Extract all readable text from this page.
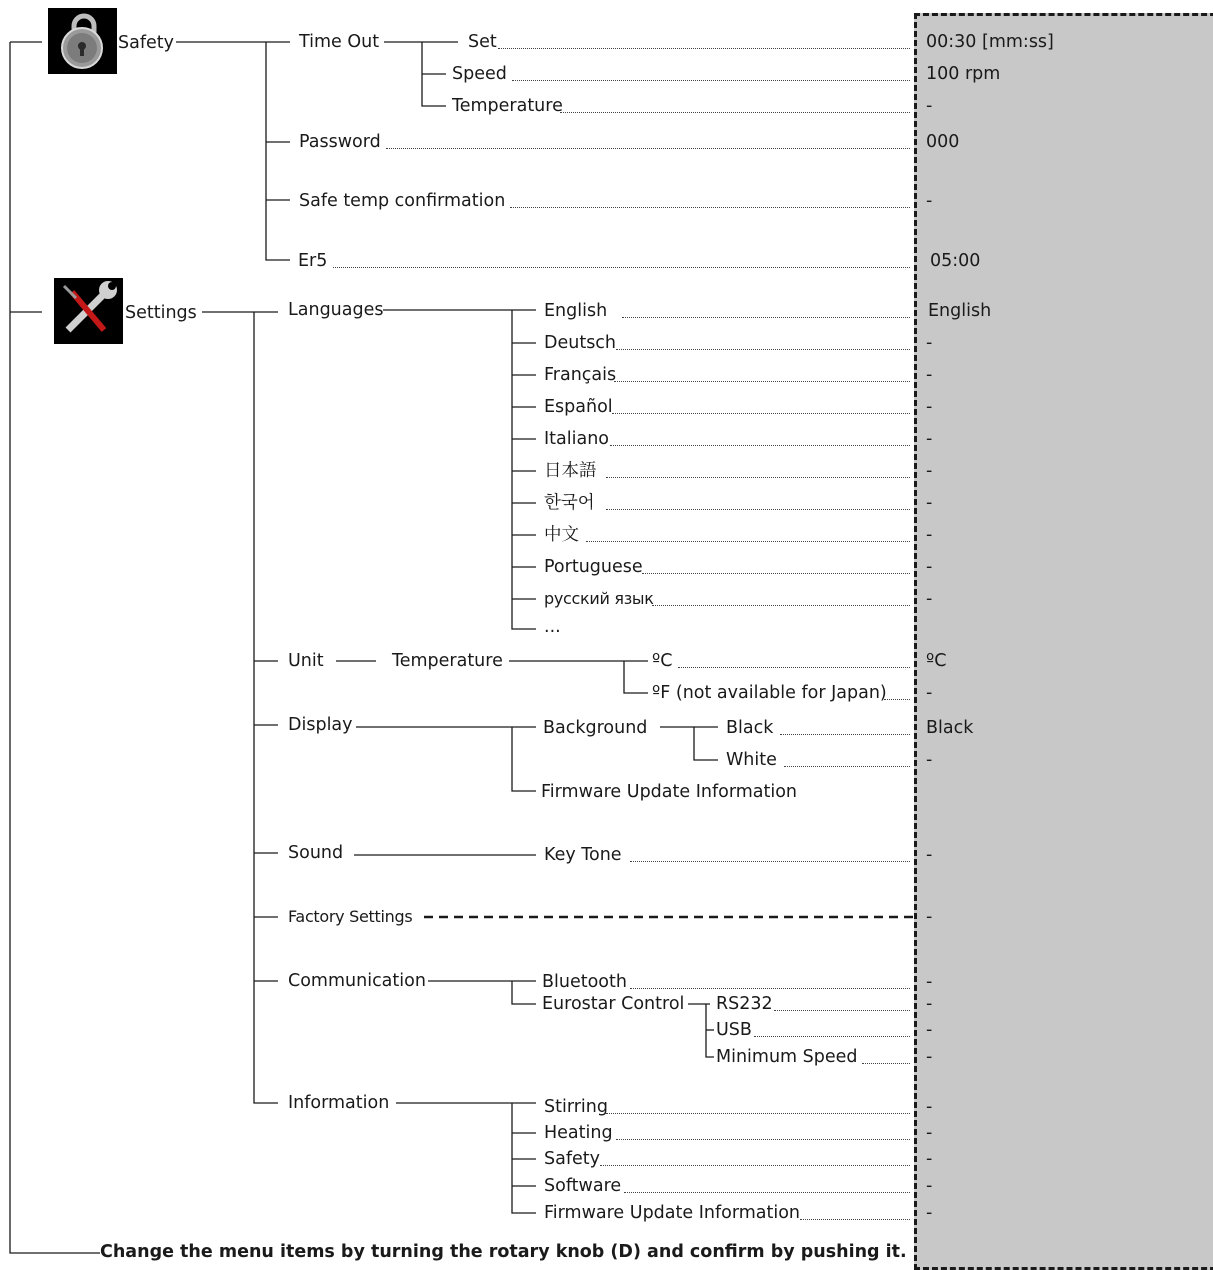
Safety
Settings
Time Out	Set	00:30 [mm:ss]
Speed	100 rpm
Temperature	-
Password	000
Safe temp confirmation	-
Er5	05:00
Languages	English	English
Deutsch	-
Français	-
Español	-
Italiano	-
日本語	-
한국어	-
中文	-
Portuguese	-
русский язык	-
...
Unit	Temperature	ºC	ºC
ºF (not available for Japan) -
Display	Background	Black	Black
White	-
Firmware Update Information
Sound	Key Tone	-
Factory Settings	-
Communication	Bluetooth	-
Eurostar Control RS232	-
USB	-
Minimum Speed	-
Information	Stirring	-
Heating	-
Safety	-
Software	-
Firmware Update Information	-
Change the menu items by turning the rotary knob (D) and confirm by pushing it.
